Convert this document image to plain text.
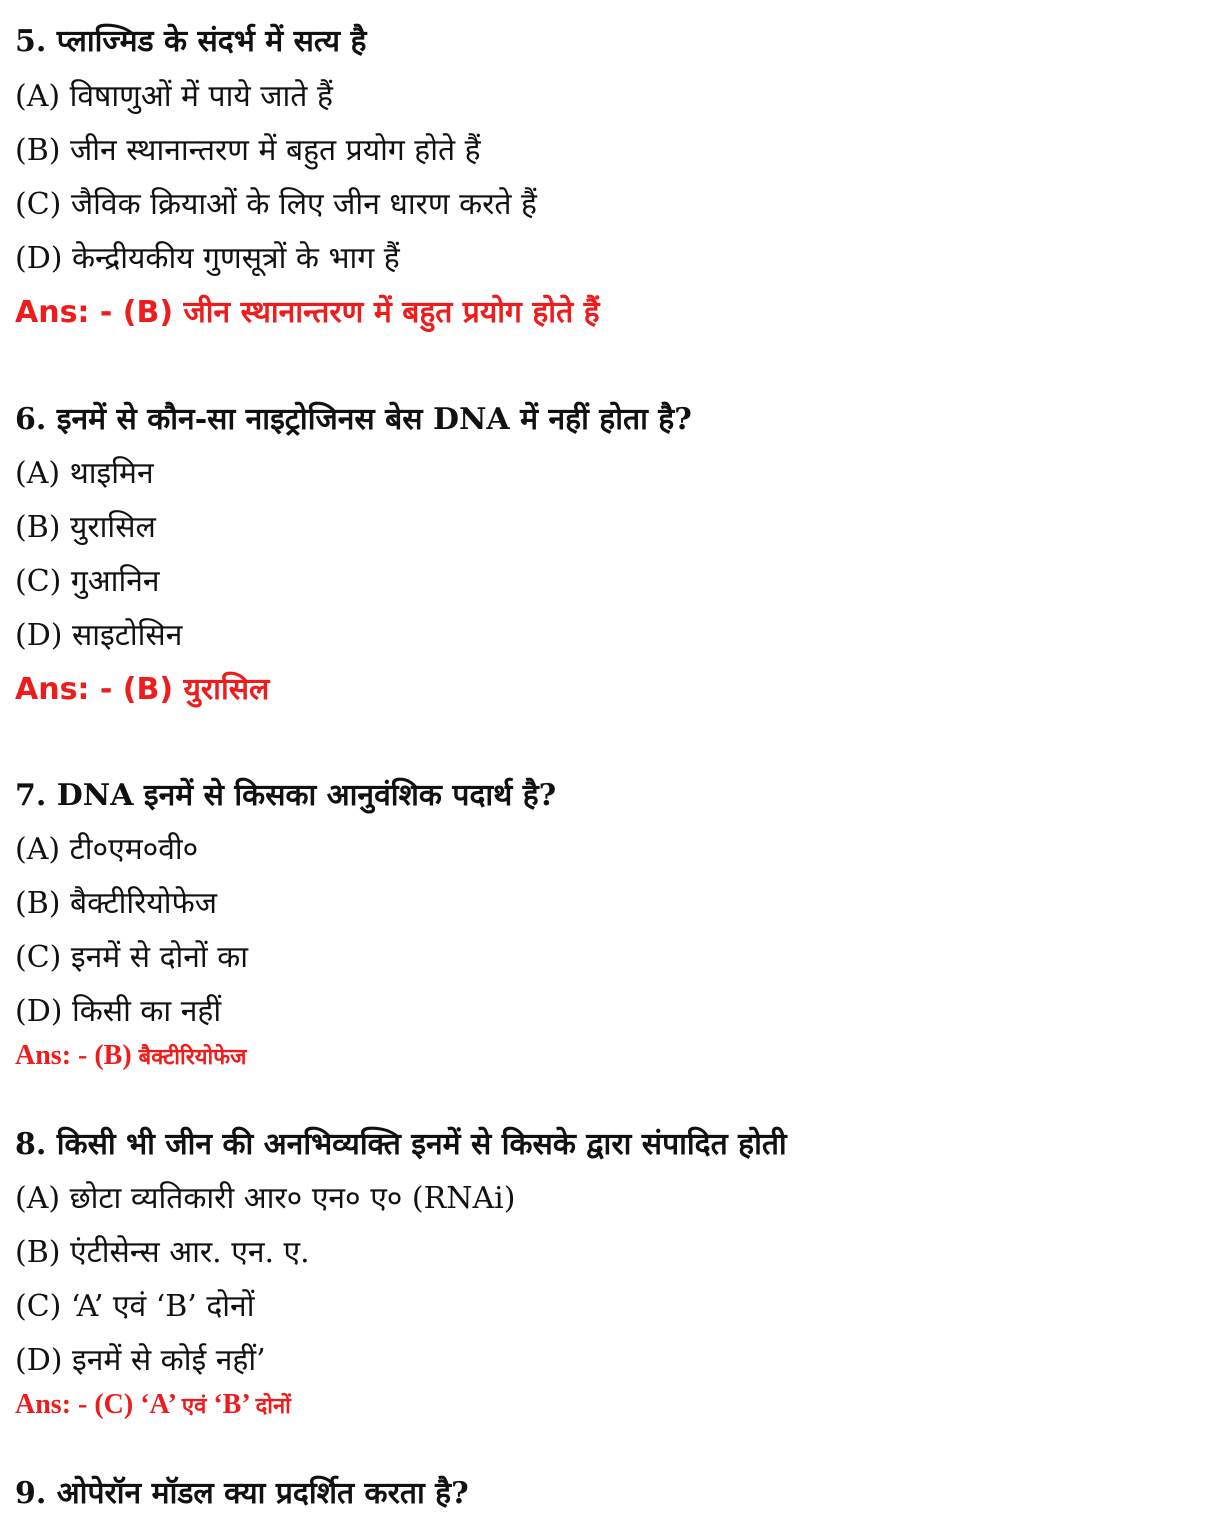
5. प्लाज्मिड के संदर्भ में सत्य है
(A) विषाणुओं में पाये जाते हैं
(B) जीन स्थानान्तरण में बहुत प्रयोग होते हैं
(C) जैविक क्रियाओं के लिए जीन धारण करते हैं
(D) केन्द्रीयकीय गुणसूत्रों के भाग हैं
Ans: - (B) जीन स्थानान्तरण में बहुत प्रयोग होते हैं
6. इनमें से कौन-सा नाइट्रोजिनस बेस DNA में नहीं होता है?
(A) थाइमिन
(B) युरासिल
(C) गुआनिन
(D) साइटोसिन
Ans: - (B) युरासिल
7. DNA इनमें से किसका आनुवंशिक पदार्थ है?
(A) टी०एम०वी०
(B) बैक्टीरियोफेज
(C) इनमें से दोनों का
(D) किसी का नहीं
Ans: - (B) बैक्टीरियोफेज
8. किसी भी जीन की अनभिव्यक्ति इनमें से किसके द्वारा संपादित होती
(A) छोटा व्यतिकारी आर० एन० ए० (RNAi)
(B) एंटीसेन्स आर. एन. ए.
(C) ‘A’ एवं ‘B’ दोनों
(D) इनमें से कोई नहीं’
Ans: - (C) ‘A’ एवं ‘B’ दोनों
9. ओपेरॉन मॉडल क्या प्रदर्शित करता है?
